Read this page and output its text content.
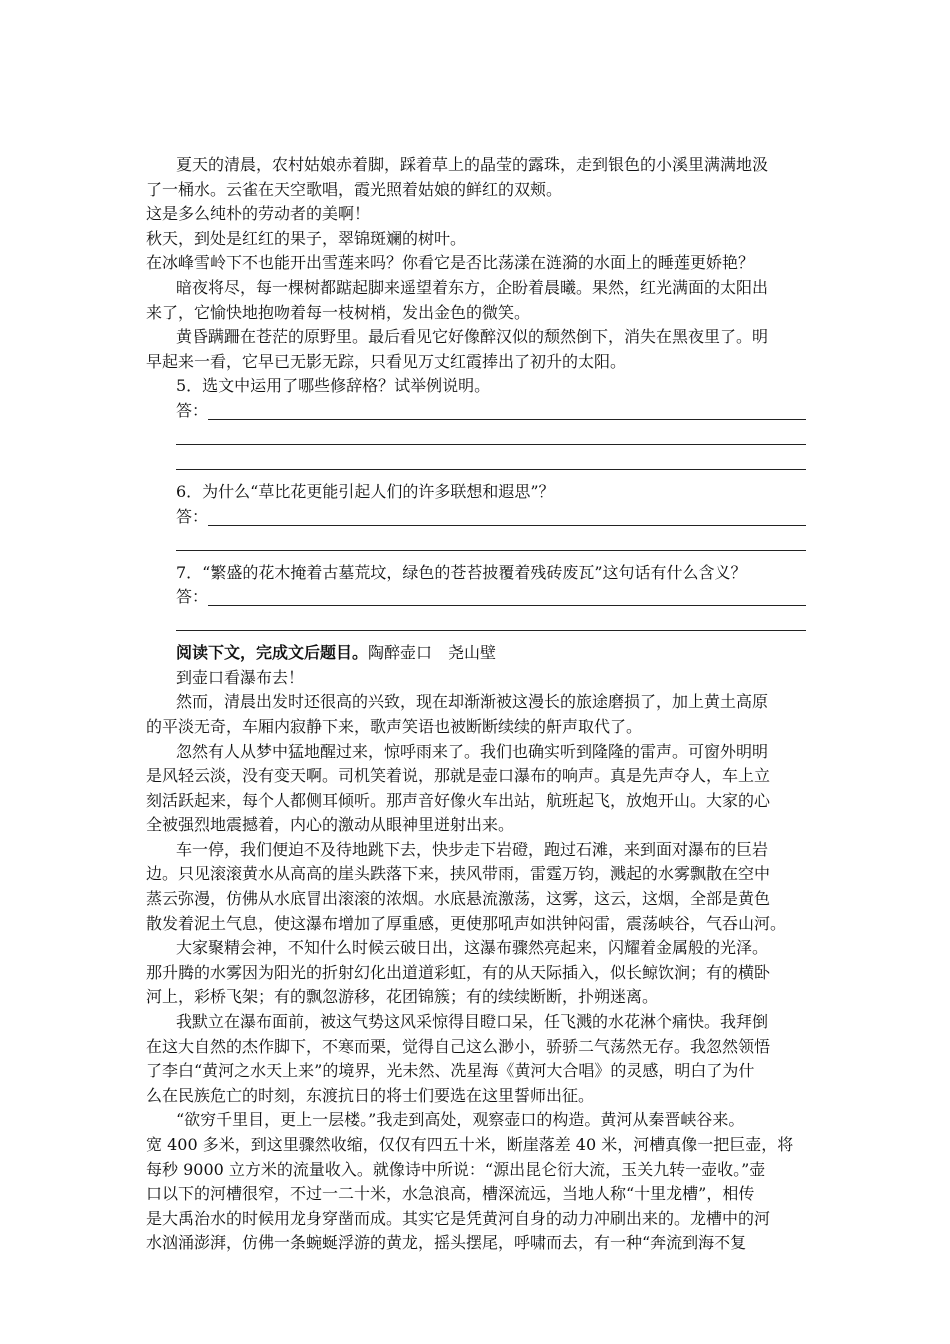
夏天的清晨，农村姑娘赤着脚，踩着草上的晶莹的露珠，走到银色的小溪里满满地汲

了一桶水。云雀在天空歌唱，霞光照着姑娘的鲜红的双颊。

这是多么纯朴的劳动者的美啊！

秋天，到处是红红的果子，翠锦斑斓的树叶。

在冰峰雪岭下不也能开出雪莲来吗？你看它是否比荡漾在涟漪的水面上的睡莲更娇艳？

暗夜将尽，每一棵树都踮起脚来遥望着东方，企盼着晨曦。果然，红光满面的太阳出

来了，它愉快地抱吻着每一枝树梢，发出金色的微笑。

黄昏蹒跚在苍茫的原野里。最后看见它好像醉汉似的颓然倒下，消失在黑夜里了。明

早起来一看，它早已无影无踪，只看见万丈红霞捧出了初升的太阳。

5．选文中运用了哪些修辞格？试举例说明。

答：

6．为什么“草比花更能引起人们的许多联想和遐思”？

答：

7．“繁盛的花木掩着古墓荒坟，绿色的苍苔披覆着残砖废瓦”这句话有什么含义？

答：

阅读下文，完成文后题目。陶醉壶口　 尧山壁

到壶口看瀑布去！

然而，清晨出发时还很高的兴致，现在却渐渐被这漫长的旅途磨损了，加上黄土高原

的平淡无奇，车厢内寂静下来，歌声笑语也被断断续续的鼾声取代了。

忽然有人从梦中猛地醒过来，惊呼雨来了。我们也确实听到隆隆的雷声。可窗外明明

是风轻云淡，没有变天啊。司机笑着说，那就是壶口瀑布的响声。真是先声夺人，车上立

刻活跃起来，每个人都侧耳倾听。那声音好像火车出站，航班起飞，放炮开山。大家的心

全被强烈地震撼着，内心的激动从眼神里迸射出来。

车一停，我们便迫不及待地跳下去，快步走下岩磴，跑过石滩，来到面对瀑布的巨岩

边。只见滚滚黄水从高高的崖头跌落下来，挟风带雨，雷霆万钧，溅起的水雾飘散在空中

蒸云弥漫，仿佛从水底冒出滚滚的浓烟。水底悬流激荡，这雾，这云，这烟，全部是黄色

散发着泥土气息，使这瀑布增加了厚重感，更使那吼声如洪钟闷雷，震荡峡谷，气吞山河。

大家聚精会神，不知什么时候云破日出，这瀑布骤然亮起来，闪耀着金属般的光泽。

那升腾的水雾因为阳光的折射幻化出道道彩虹，有的从天际插入，似长鲸饮涧；有的横卧

河上，彩桥飞架；有的飘忽游移，花团锦簇；有的续续断断，扑朔迷离。

我默立在瀑布面前，被这气势这风采惊得目瞪口呆，任飞溅的水花淋个痛快。我拜倒

在这大自然的杰作脚下，不寒而栗，觉得自己这么渺小，骄骄二气荡然无存。我忽然领悟

了李白“黄河之水天上来”的境界，光未然、冼星海《黄河大合唱》的灵感，明白了为什

么在民族危亡的时刻，东渡抗日的将士们要选在这里誓师出征。

“欲穷千里目，更上一层楼。”我走到高处，观察壶口的构造。黄河从秦晋峡谷来。

宽 400 多米，到这里骤然收缩，仅仅有四五十米，断崖落差 40 米，河槽真像一把巨壶，将

每秒 9000 立方米的流量收入。就像诗中所说：“源出昆仑衍大流，玉关九转一壶收。”壶

口以下的河槽很窄，不过一二十米，水急浪高，槽深流远，当地人称“十里龙槽”，相传

是大禹治水的时候用龙身穿凿而成。其实它是凭黄河自身的动力冲刷出来的。龙槽中的河

水汹涌澎湃，仿佛一条蜿蜒浮游的黄龙，摇头摆尾，呼啸而去，有一种“奔流到海不复
